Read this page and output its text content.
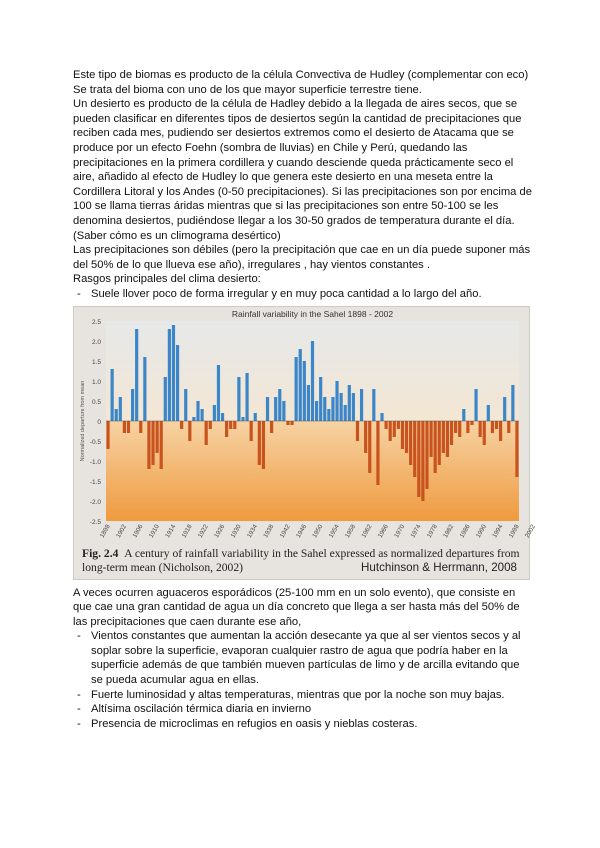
Este tipo de biomas es producto de la célula Convectiva de Hudley (complementar con eco)

Se trata del bioma con uno de los que mayor superficie terrestre tiene.

Un desierto es producto de la célula de Hadley debido a la llegada de aires secos, que se pueden clasificar en diferentes tipos de desiertos según la cantidad de precipitaciones que reciben cada mes, pudiendo ser desiertos extremos como el desierto de Atacama que se produce por un efecto Foehn (sombra de lluvias) en Chile y Perú, quedando las precipitaciones en la primera cordillera y cuando desciende queda prácticamente seco el aire, añadido al efecto de Hudley lo que genera este desierto en una meseta entre la Cordillera Litoral y los Andes (0-50 precipitaciones). Si las precipitaciones son por encima de 100 se llama tierras áridas mientras que si las precipitaciones son entre 50-100 se les denomina desiertos, pudiéndose llegar a los 30-50 grados de temperatura durante el día. (Saber cómo es un climograma desértico)

Las precipitaciones son débiles (pero la precipitación que cae en un día puede suponer más del 50% de lo que llueva ese año), irregulares , hay vientos constantes .

Rasgos principales del clima desierto:

- Suele llover poco de forma irregular y en muy poca cantidad a lo largo del año.
Rainfall variability in the Sahel 1898 - 2002
2.5
2.0
1.5
1.0
0.5
0
-0.5
-1.0
-1.5
-2.0
-2.5
Normalized departure from mean
1898 1902 1906 1910 1914 1918 1922 1926 1930 1934 1938 1942 1946 1950 1954 1958 1962 1966 1970 1974 1978 1982 1986 1990 1994 1998 2002
Fig. 2.4 A century of rainfall variability in the Sahel expressed as normalized departures from long-term mean (Nicholson, 2002)	Hutchinson & Herrmann, 2008

A veces ocurren aguaceros esporádicos (25-100 mm en un solo evento), que consiste en que cae una gran cantidad de agua un día concreto que llega a ser hasta más del 50% de las precipitaciones que caen durante ese año,

- Vientos constantes que aumentan la acción desecante ya que al ser vientos secos y al soplar sobre la superficie, evaporan cualquier rastro de agua que podría haber en la superficie además de que también mueven partículas de limo y de arcilla evitando que se pueda acumular agua en ellas.
- Fuerte luminosidad y altas temperaturas, mientras que por la noche son muy bajas.
- Altísima oscilación térmica diaria en invierno
- Presencia de microclimas en refugios en oasis y nieblas costeras.
